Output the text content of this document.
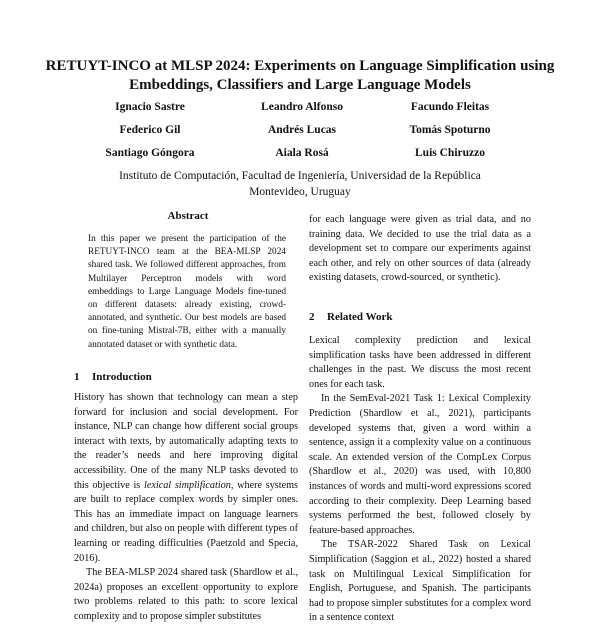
RETUYT-INCO at MLSP 2024: Experiments on Language Simplification using Embeddings, Classifiers and Large Language Models
Ignacio Sastre	Leandro Alfonso	Facundo Fleitas
Federico Gil	Andrés Lucas	Tomás Spoturno
Santiago Góngora	Aiala Rosá	Luis Chiruzzo
Instituto de Computación, Facultad de Ingeniería, Universidad de la República
Montevideo, Uruguay
Abstract
In this paper we present the participation of the RETUYT-INCO team at the BEA-MLSP 2024 shared task. We followed different approaches, from Multilayer Perceptron models with word embeddings to Large Language Models fine-tuned on different datasets: already existing, crowd-annotated, and synthetic. Our best models are based on fine-tuning Mistral-7B, either with a manually annotated dataset or with synthetic data.
1 Introduction

History has shown that technology can mean a step forward for inclusion and social development. For instance, NLP can change how different social groups interact with texts, by automatically adapting texts to the reader’s needs and here improving digital accessibility. One of the many NLP tasks devoted to this objective is lexical simplification, where systems are built to replace complex words by simpler ones. This has an immediate impact on language learners and children, but also on people with different types of learning or reading difficulties (Paetzold and Specia, 2016).

The BEA-MLSP 2024 shared task (Shardlow et al., 2024a) proposes an excellent opportunity to explore two problems related to this path: to score lexical complexity and to propose simpler substitutes

for each language were given as trial data, and no training data. We decided to use the trial data as a development set to compare our experiments against each other, and rely on other sources of data (already existing datasets, crowd-sourced, or synthetic).
2 Related Work

Lexical complexity prediction and lexical simplification tasks have been addressed in different challenges in the past. We discuss the most recent ones for each task.

In the SemEval-2021 Task 1: Lexical Complexity Prediction (Shardlow et al., 2021), participants developed systems that, given a word within a sentence, assign it a complexity value on a continuous scale. An extended version of the CompLex Corpus (Shardlow et al., 2020) was used, with 10,800 instances of words and multi-word expressions scored according to their complexity. Deep Learning based systems performed the best, followed closely by feature-based approaches.

The TSAR-2022 Shared Task on Lexical Simplification (Saggion et al., 2022) hosted a shared task on Multilingual Lexical Simplification for English, Portuguese, and Spanish. The participants had to propose simpler substitutes for a complex word in a sentence context
